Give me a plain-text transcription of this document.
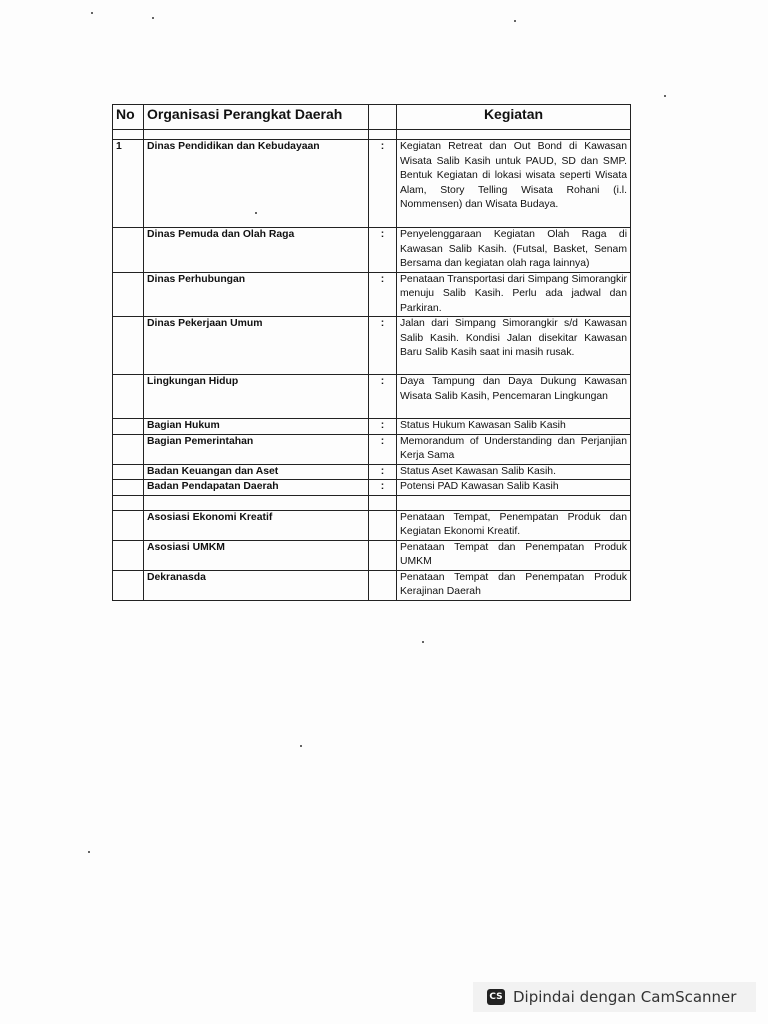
No	Organisasi Perangkat Daerah		Kegiatan

1	Dinas Pendidikan dan Kebudayaan	:	Kegiatan Retreat dan Out Bond di Kawasan Wisata Salib Kasih untuk PAUD, SD dan SMP. Bentuk Kegiatan di lokasi wisata seperti Wisata Alam, Story Telling Wisata Rohani (i.l. Nommensen) dan Wisata Budaya.
	Dinas Pemuda dan Olah Raga	:	Penyelenggaraan Kegiatan Olah Raga di Kawasan Salib Kasih. (Futsal, Basket, Senam Bersama dan kegiatan olah raga lainnya)
	Dinas Perhubungan	:	Penataan Transportasi dari Simpang Simorangkir menuju Salib Kasih. Perlu ada jadwal dan Parkiran.
	Dinas Pekerjaan Umum	:	Jalan dari Simpang Simorangkir s/d Kawasan Salib Kasih. Kondisi Jalan disekitar Kawasan Baru Salib Kasih saat ini masih rusak.
	Lingkungan Hidup	:	Daya Tampung dan Daya Dukung Kawasan Wisata Salib Kasih, Pencemaran Lingkungan
	Bagian Hukum	:	Status Hukum Kawasan Salib Kasih
	Bagian Pemerintahan	:	Memorandum of Understanding dan Perjanjian Kerja Sama
	Badan Keuangan dan Aset	:	Status Aset Kawasan Salib Kasih.
	Badan Pendapatan Daerah	:	Potensi PAD Kawasan Salib Kasih

	Asosiasi Ekonomi Kreatif		Penataan Tempat, Penempatan Produk dan Kegiatan Ekonomi Kreatif.
	Asosiasi UMKM		Penataan Tempat dan Penempatan Produk UMKM
	Dekranasda		Penataan Tempat dan Penempatan Produk Kerajinan Daerah
CS Dipindai dengan CamScanner
